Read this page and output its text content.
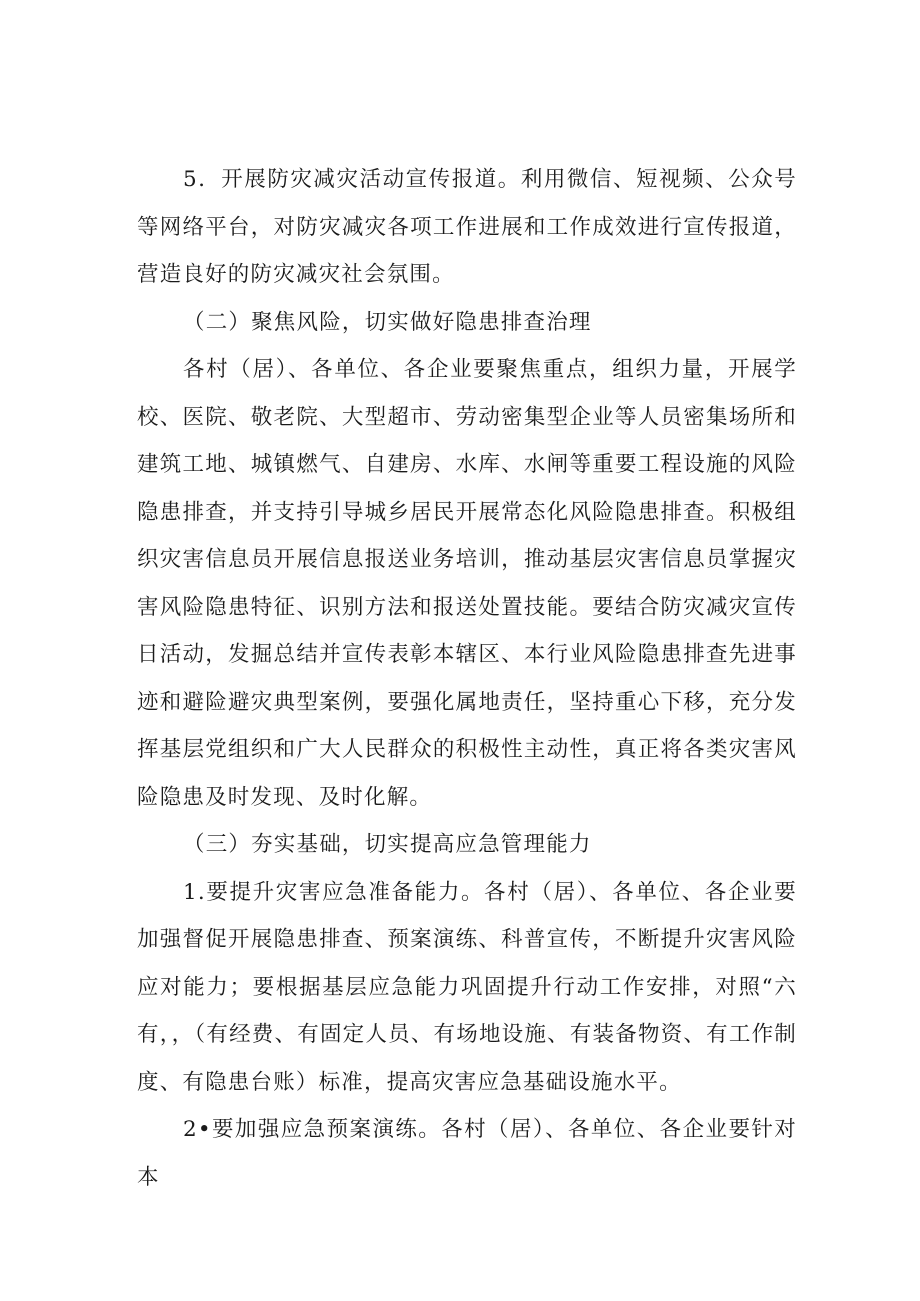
5．开展防灾减灾活动宣传报道。利用微信、短视频、公众号等网络平台，对防灾减灾各项工作进展和工作成效进行宣传报道，营造良好的防灾减灾社会氛围。

（二）聚焦风险，切实做好隐患排查治理

各村（居）、各单位、各企业要聚焦重点，组织力量，开展学校、医院、敬老院、大型超市、劳动密集型企业等人员密集场所和建筑工地、城镇燃气、自建房、水库、水闸等重要工程设施的风险隐患排查，并支持引导城乡居民开展常态化风险隐患排查。积极组织灾害信息员开展信息报送业务培训，推动基层灾害信息员掌握灾害风险隐患特征、识别方法和报送处置技能。要结合防灾减灾宣传日活动，发掘总结并宣传表彰本辖区、本行业风险隐患排查先进事迹和避险避灾典型案例，要强化属地责任，坚持重心下移，充分发挥基层党组织和广大人民群众的积极性主动性，真正将各类灾害风险隐患及时发现、及时化解。

（三）夯实基础，切实提高应急管理能力

1.要提升灾害应急准备能力。各村（居）、各单位、各企业要加强督促开展隐患排查、预案演练、科普宣传，不断提升灾害风险应对能力；要根据基层应急能力巩固提升行动工作安排，对照“六有，，（有经费、有固定人员、有场地设施、有装备物资、有工作制度、有隐患台账）标准，提高灾害应急基础设施水平。

2•要加强应急预案演练。各村（居）、各单位、各企业要针对本
